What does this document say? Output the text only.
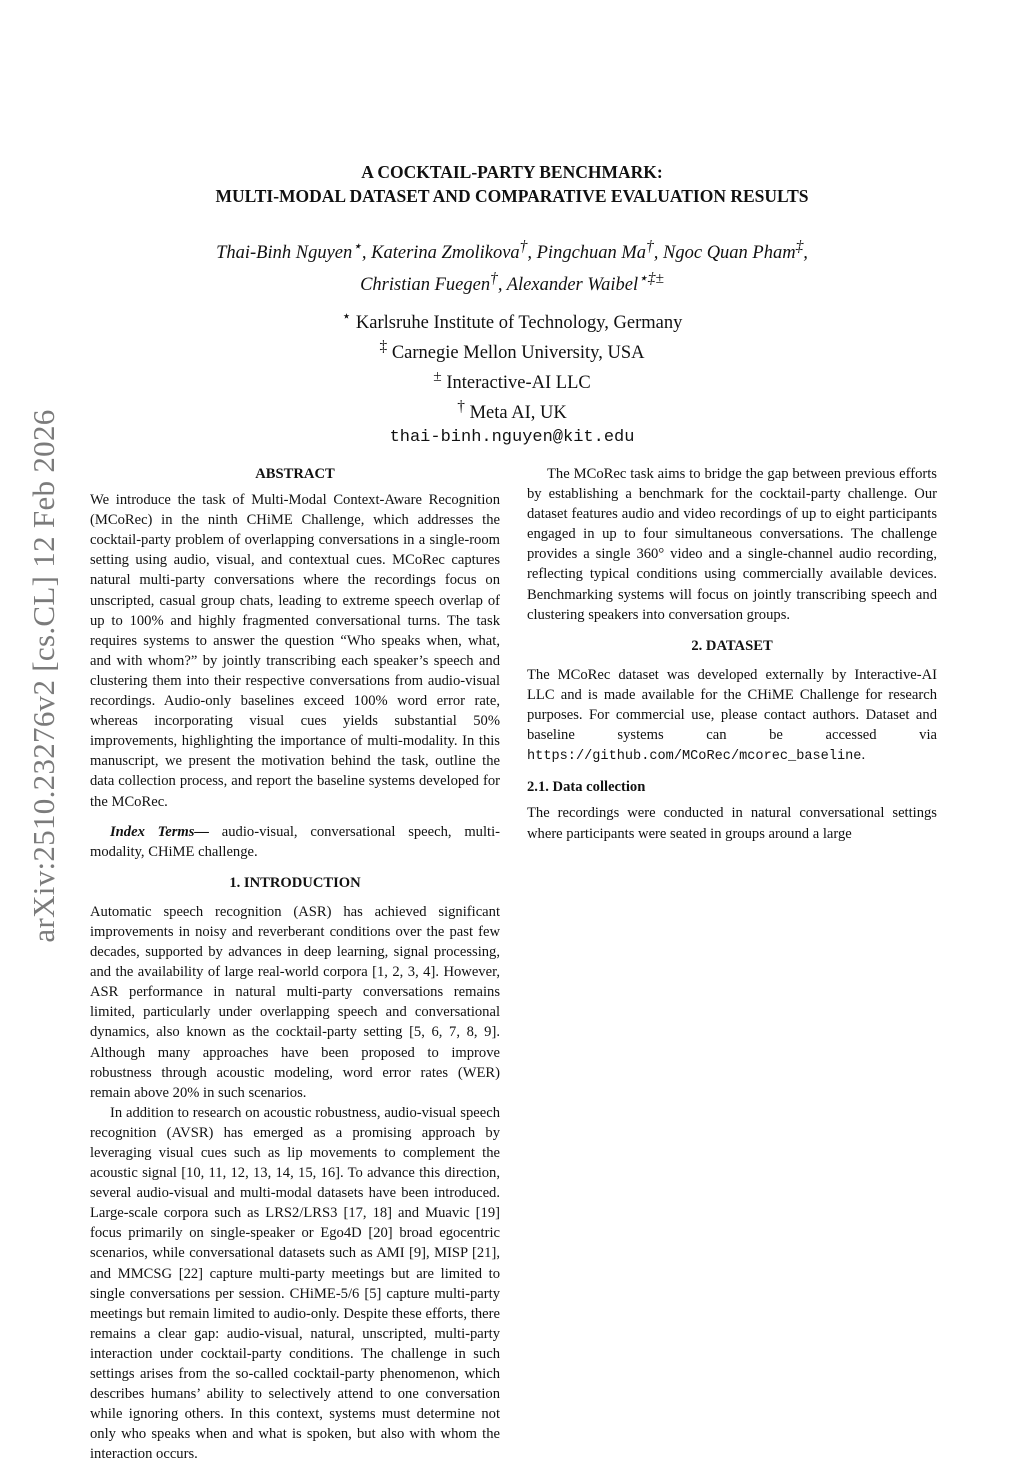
arXiv:2510.23276v2 [cs.CL] 12 Feb 2026
A COCKTAIL-PARTY BENCHMARK:
MULTI-MODAL DATASET AND COMPARATIVE EVALUATION RESULTS
Thai-Binh Nguyen⋆, Katerina Zmolikova†, Pingchuan Ma†, Ngoc Quan Pham‡,
Christian Fuegen†, Alexander Waibel⋆‡±
⋆ Karlsruhe Institute of Technology, Germany
‡ Carnegie Mellon University, USA
± Interactive-AI LLC
† Meta AI, UK
thai-binh.nguyen@kit.edu
ABSTRACT

We introduce the task of Multi-Modal Context-Aware Recognition (MCoRec) in the ninth CHiME Challenge, which addresses the cocktail-party problem of overlapping conversations in a single-room setting using audio, visual, and contextual cues. MCoRec captures natural multi-party conversations where the recordings focus on unscripted, casual group chats, leading to extreme speech overlap of up to 100% and highly fragmented conversational turns. The task requires systems to answer the question “Who speaks when, what, and with whom?” by jointly transcribing each speaker’s speech and clustering them into their respective conversations from audio-visual recordings. Audio-only baselines exceed 100% word error rate, whereas incorporating visual cues yields substantial 50% improvements, highlighting the importance of multi-modality. In this manuscript, we present the motivation behind the task, outline the data collection process, and report the baseline systems developed for the MCoRec.

Index Terms— audio-visual, conversational speech, multi-modality, CHiME challenge.

1. INTRODUCTION

Automatic speech recognition (ASR) has achieved significant improvements in noisy and reverberant conditions over the past few decades, supported by advances in deep learning, signal processing, and the availability of large real-world corpora [1, 2, 3, 4]. However, ASR performance in natural multi-party conversations remains limited, particularly under overlapping speech and conversational dynamics, also known as the cocktail-party setting [5, 6, 7, 8, 9]. Although many approaches have been proposed to improve robustness through acoustic modeling, word error rates (WER) remain above 20% in such scenarios.

In addition to research on acoustic robustness, audio-visual speech recognition (AVSR) has emerged as a promising approach by leveraging visual cues such as lip movements to complement the acoustic signal [10, 11, 12, 13, 14, 15, 16]. To advance this direction, several audio-visual and multi-modal datasets have been introduced. Large-scale corpora such as LRS2/LRS3 [17, 18] and Muavic [19] focus primarily on single-speaker or Ego4D [20] broad egocentric scenarios, while conversational datasets such as AMI [9], MISP [21], and MMCSG [22] capture multi-party meetings but are limited to single conversations per session. CHiME-5/6 [5] capture multi-party meetings but remain limited to audio-only. Despite these efforts, there remains a clear gap: audio-visual, natural, unscripted, multi-party interaction under cocktail-party conditions. The challenge in such settings arises from the so-called cocktail-party phenomenon, which describes humans’ ability to selectively attend to one conversation while ignoring others. In this context, systems must determine not only who speaks when and what is spoken, but also with whom the interaction occurs.

The MCoRec task aims to bridge the gap between previous efforts by establishing a benchmark for the cocktail-party challenge. Our dataset features audio and video recordings of up to eight participants engaged in up to four simultaneous conversations. The challenge provides a single 360° video and a single-channel audio recording, reflecting typical conditions using commercially available devices. Benchmarking systems will focus on jointly transcribing speech and clustering speakers into conversation groups.

2. DATASET

The MCoRec dataset was developed externally by Interactive-AI LLC and is made available for the CHiME Challenge for research purposes. For commercial use, please contact authors. Dataset and baseline systems can be accessed via https://github.com/MCoRec/mcorec_baseline.

2.1. Data collection

The recordings were conducted in natural conversational settings where participants were seated in groups around a large
